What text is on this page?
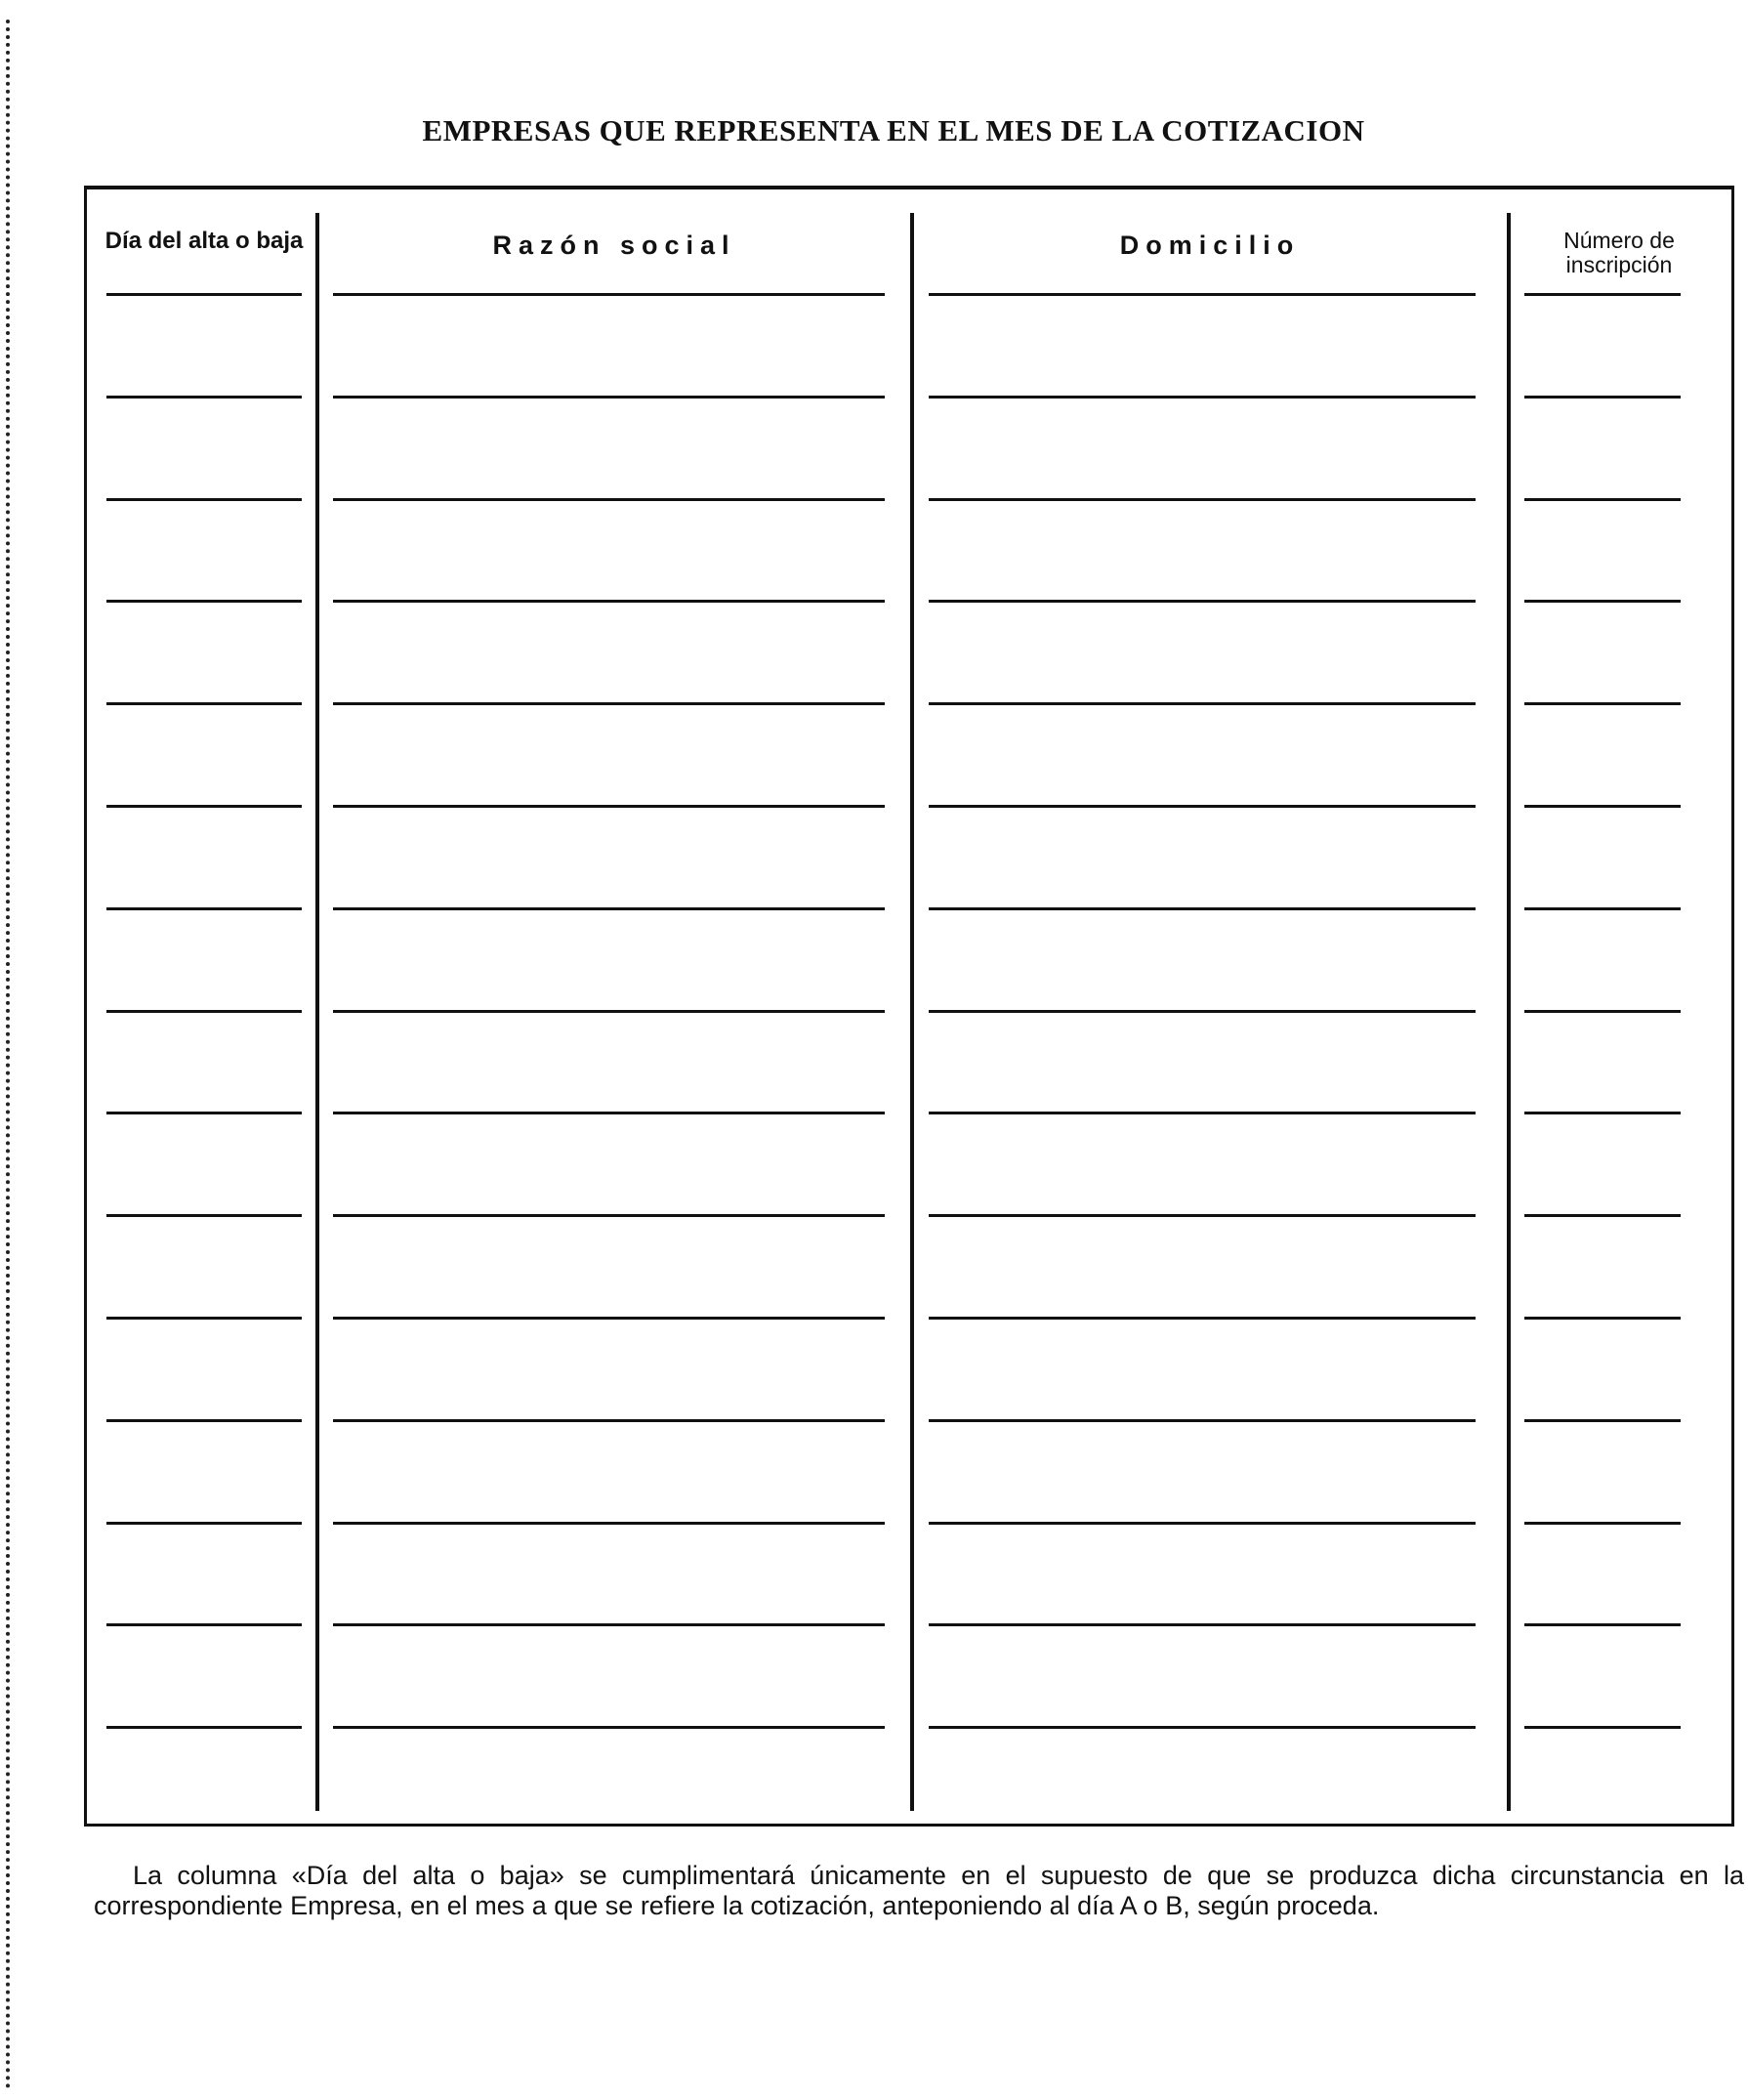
EMPRESAS QUE REPRESENTA EN EL MES DE LA COTIZACION
Día del alta o baja	Razón social	Domicilio	Número de inscripción
La columna «Día del alta o baja» se cumplimentará únicamente en el supuesto de que se produzca dicha circunstancia en la correspondiente Empresa, en el mes a que se refiere la cotización, anteponiendo al día A o B, según proceda.
